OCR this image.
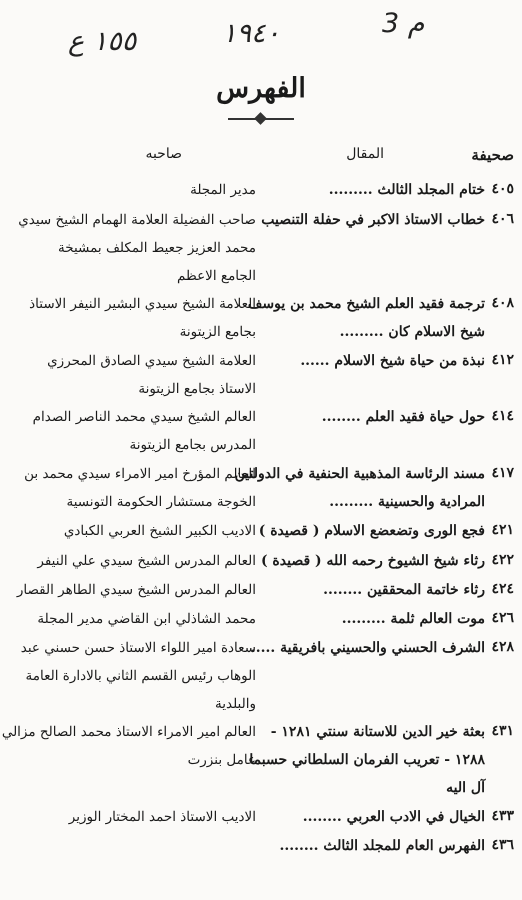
١٥٥ ع	١٩٤٠	م 3
الفهرس
صحيفة
المقال
صاحبه
٤٠٥
ختام المجلد الثالث .........
مدير المجلة
٤٠٦
خطاب الاستاذ الاكبر في حفلة التنصيب
صاحب الفضيلة العلامة الهمام الشيخ سيدي
محمد العزيز جعيط المكلف بمشيخة
الجامع الاعظم
٤٠٨
ترجمة فقيد العلم الشيخ محمد بن يوسف
شيخ الاسلام كان .........
العلامة الشيخ سيدي البشير النيفر الاستاذ
بجامع الزيتونة
٤١٢
نبذة من حياة شيخ الاسلام ......
العلامة الشيخ سيدي الصادق المحرزي
الاستاذ بجامع الزيتونة
٤١٤
حول حياة فقيد العلم ........
العالم الشيخ سيدي محمد الناصر الصدام
المدرس بجامع الزيتونة
٤١٧
مسند الرئاسة المذهبية الحنفية في الدولتين
المرادية والحسينية .........
العالم المؤرخ امير الامراء سيدي محمد بن
الخوجة مستشار الحكومة التونسية
٤٢١
فجع الورى وتضعضع الاسلام ( قصيدة )
الاديب الكبير الشيخ العربي الكبادي
٤٢٢
رثاء شيخ الشيوخ رحمه الله ( قصيدة )
العالم المدرس الشيخ سيدي علي النيفر
٤٢٤
رثاء خاتمة المحققين ........
العالم المدرس الشيخ سيدي الطاهر القصار
٤٢٦
موت العالم ثلمة .........
محمد الشاذلي ابن القاضي مدير المجلة
٤٢٨
الشرف الحسني والحسيني بافريقية .....
سعادة امير اللواء الاستاذ حسن حسني عبد
الوهاب رئيس القسم الثاني بالادارة العامة
والبلدية
٤٣١
بعثة خير الدين للاستانة سنتي ١٢٨١ -
١٢٨٨ - تعريب الفرمان السلطاني حسبما
آل اليه
العالم امير الامراء الاستاذ محمد الصالح مزالي
عامل بنزرت
٤٣٣
الخيال في الادب العربي ........
الاديب الاستاذ احمد المختار الوزير
٤٣٦
الفهرس العام للمجلد الثالث ........
